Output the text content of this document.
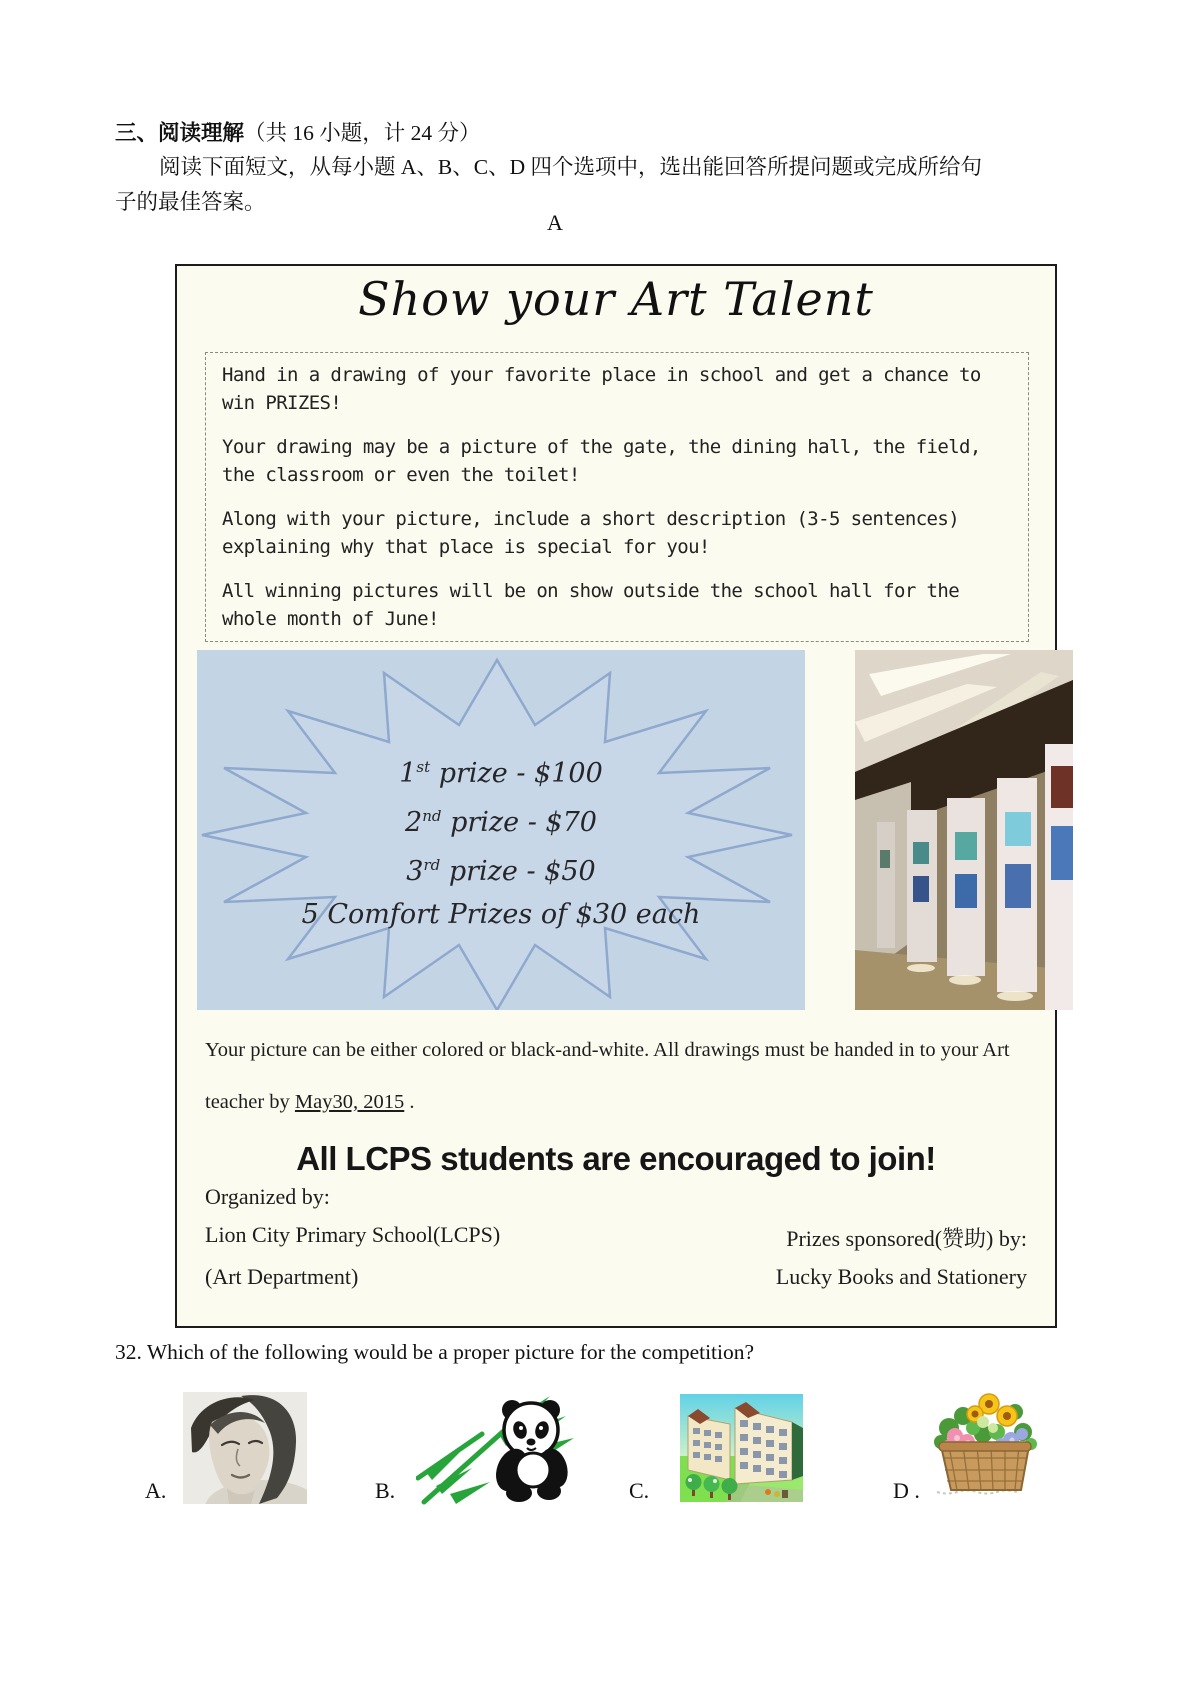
三、阅读理解（共 16 小题，计 24 分）
阅读下面短文，从每小题 A、B、C、D 四个选项中，选出能回答所提问题或完成所给句子的最佳答案。
A
Show your Art Talent

Hand in a drawing of your favorite place in school and get a chance to win PRIZES!

Your drawing may be a picture of the gate, the dining hall, the field, the classroom or even the toilet!

Along with your picture, include a short description (3-5 sentences) explaining why that place is special for you!

All winning pictures will be on show outside the school hall for the whole month of June!

1st prize - $100
2nd prize - $70
3rd prize - $50
5 Comfort Prizes of $30 each
Your picture can be either colored or black-and-white. All drawings must be handed in to your Art teacher by May30, 2015 .
All LCPS students are encouraged to join!
Organized by:
Lion City Primary School(LCPS)	Prizes sponsored(赞助) by:
(Art Department)	Lucky Books and Stationery
32. Which of the following would be a proper picture for the competition?
A.	B.	C.	D .
